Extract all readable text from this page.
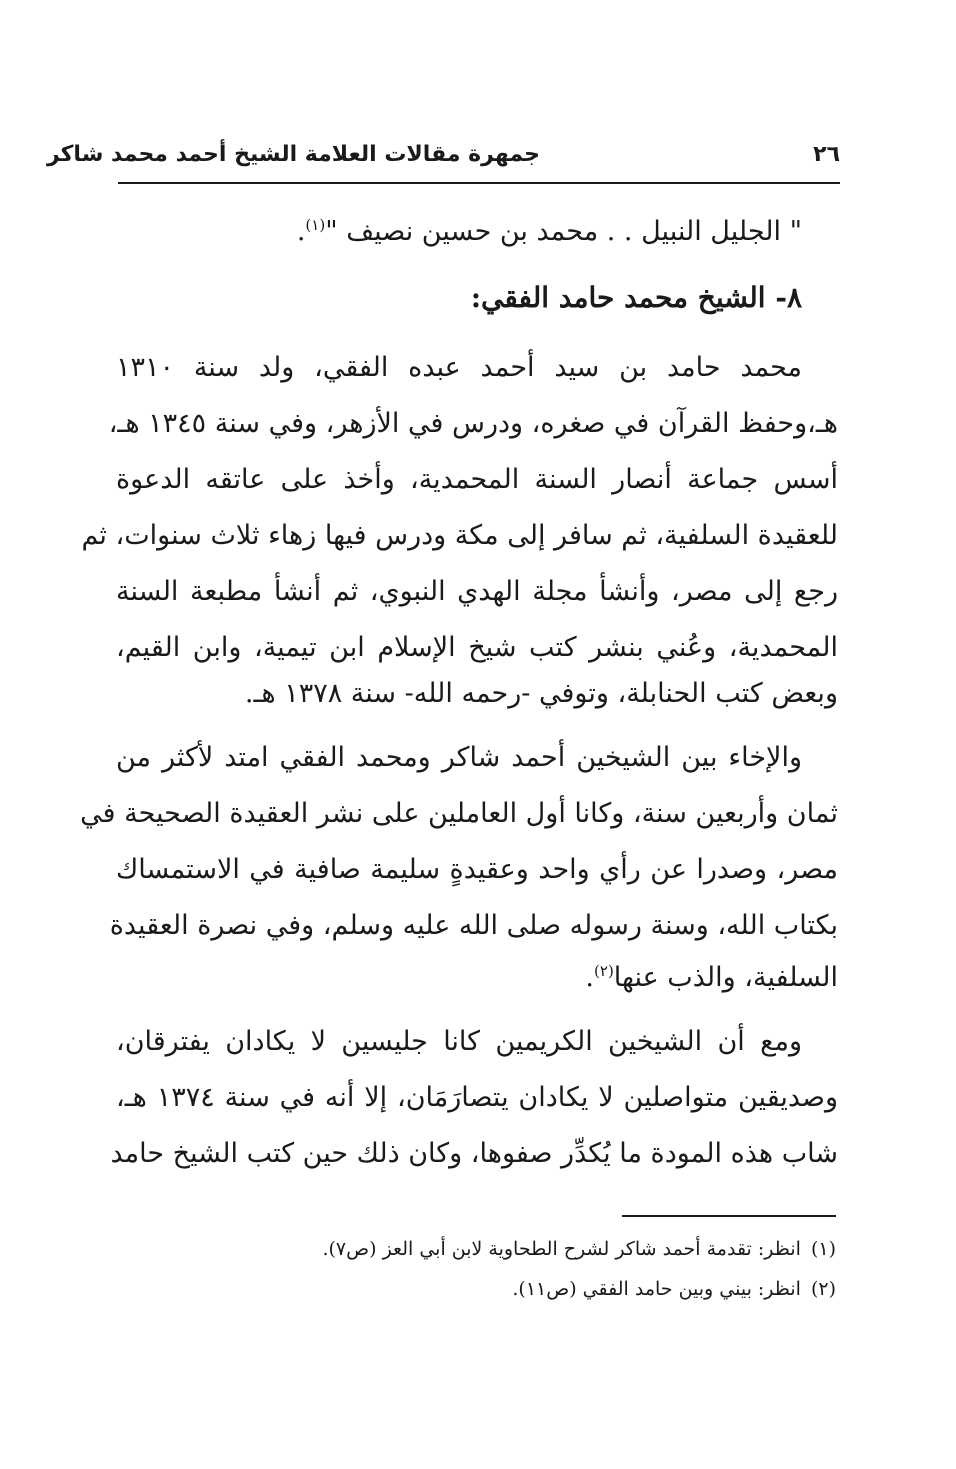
٢٦
جمهرة مقالات العلامة الشيخ أحمد محمد شاكر
" الجليل النبيل . . محمد بن حسين نصيف "$^{(١)}$.
٨- الشيخ محمد حامد الفقي:
محمد حامد بن سيد أحمد عبده الفقي، ولد سنة ١٣١٠
هـ،وحفظ القرآن في صغره، ودرس في الأزهر، وفي سنة ١٣٤٥ هـ،
أسس جماعة أنصار السنة المحمدية، وأخذ على عاتقه الدعوة
للعقيدة السلفية، ثم سافر إلى مكة ودرس فيها زهاء ثلاث سنوات، ثم
رجع إلى مصر، وأنشأ مجلة الهدي النبوي، ثم أنشأ مطبعة السنة
المحمدية، وعُني بنشر كتب شيخ الإسلام ابن تيمية، وابن القيم،
وبعض كتب الحنابلة، وتوفي -رحمه الله- سنة ١٣٧٨ هـ.
والإخاء بين الشيخين أحمد شاكر ومحمد الفقي امتد لأكثر من
ثمان وأربعين سنة، وكانا أول العاملين على نشر العقيدة الصحيحة في
مصر، وصدرا عن رأي واحد وعقيدةٍ سليمة صافية في الاستمساك
بكتاب الله، وسنة رسوله صلى الله عليه وسلم، وفي نصرة العقيدة
السلفية، والذب عنها$^{(٢)}$.
ومع أن الشيخين الكريمين كانا جليسين لا يكادان يفترقان،
وصديقين متواصلين لا يكادان يتصارَمَان، إلا أنه في سنة ١٣٧٤ هـ،
شاب هذه المودة ما يُكدِّر صفوها، وكان ذلك حين كتب الشيخ حامد
(١)انظر: تقدمة أحمد شاكر لشرح الطحاوية لابن أبي العز (ص٧).
(٢)انظر: بيني وبين حامد الفقي (ص١١).
